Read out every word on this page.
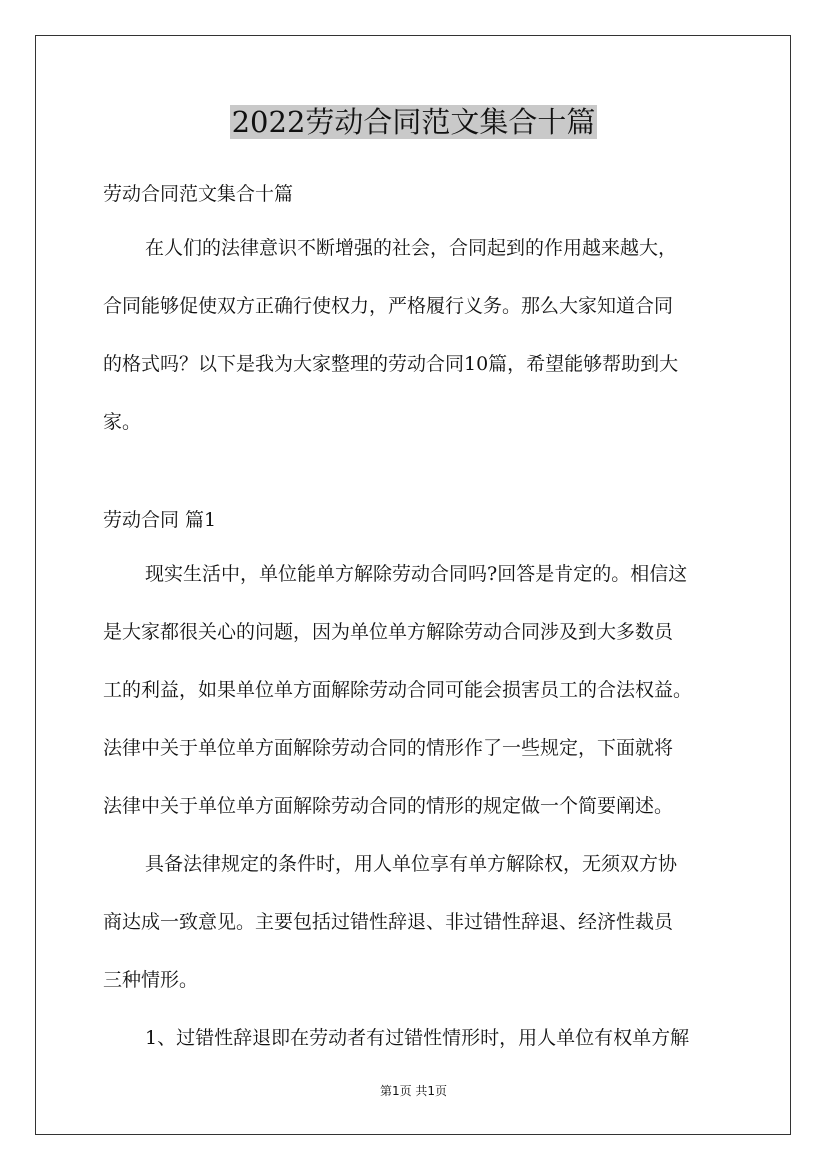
2022劳动合同范文集合十篇
劳动合同范文集合十篇
在人们的法律意识不断增强的社会，合同起到的作用越来越大，
合同能够促使双方正确行使权力，严格履行义务。那么大家知道合同
的格式吗？以下是我为大家整理的劳动合同10篇，希望能够帮助到大
家。
劳动合同 篇1
现实生活中，单位能单方解除劳动合同吗?回答是肯定的。相信这
是大家都很关心的问题，因为单位单方解除劳动合同涉及到大多数员
工的利益，如果单位单方面解除劳动合同可能会损害员工的合法权益。
法律中关于单位单方面解除劳动合同的情形作了一些规定，下面就将
法律中关于单位单方面解除劳动合同的情形的规定做一个简要阐述。
具备法律规定的条件时，用人单位享有单方解除权，无须双方协
商达成一致意见。主要包括过错性辞退、非过错性辞退、经济性裁员
三种情形。
1、过错性辞退即在劳动者有过错性情形时，用人单位有权单方解
第1页 共1页
